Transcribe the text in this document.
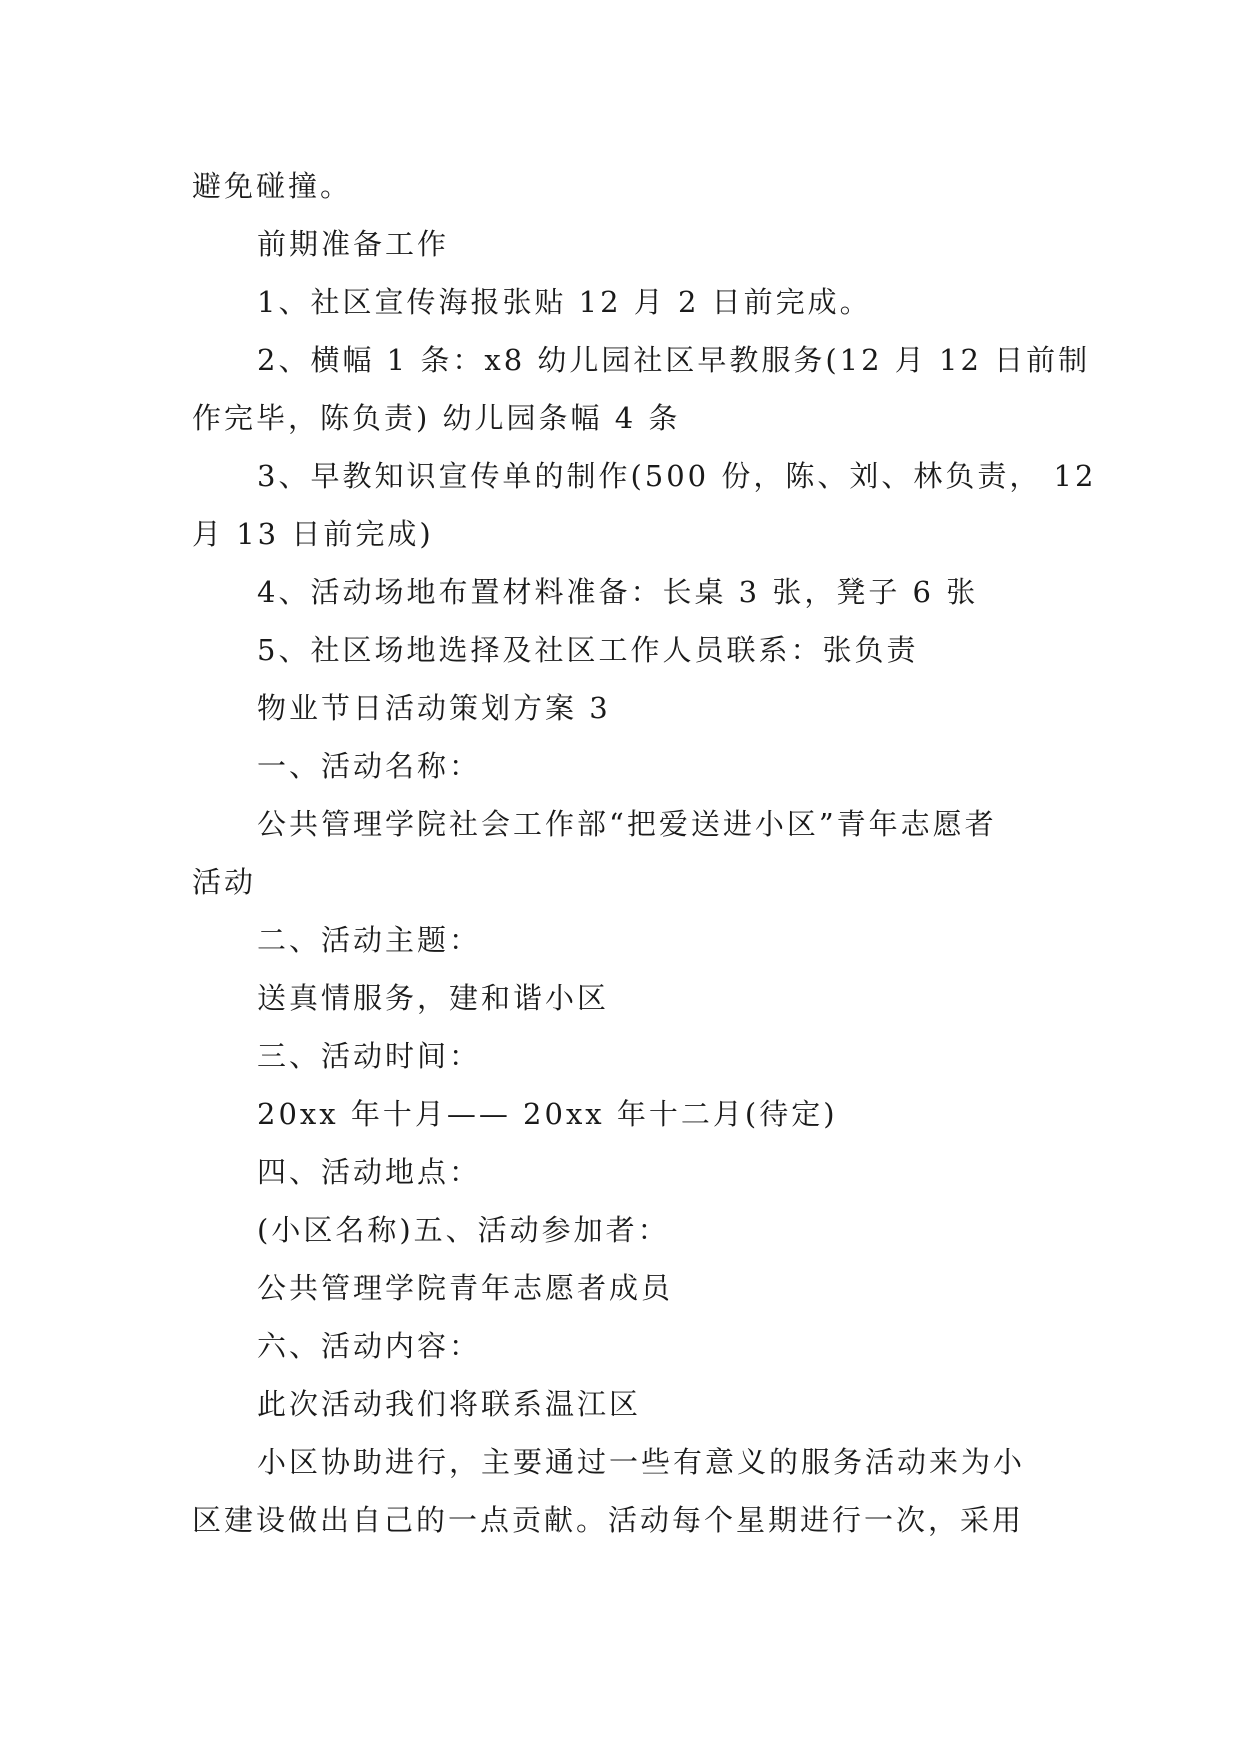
避免碰撞。
前期准备工作
1、社区宣传海报张贴 12 月 2 日前完成。
2、横幅 1 条：x8 幼儿园社区早教服务(12 月 12 日前制
作完毕，陈负责) 幼儿园条幅 4 条
3、早教知识宣传单的制作(500 份，陈、刘、林负责， 12
月 13 日前完成)
4、活动场地布置材料准备：长桌 3 张，凳子 6 张
5、社区场地选择及社区工作人员联系：张负责
物业节日活动策划方案 3
一、活动名称：
公共管理学院社会工作部“把爱送进小区”青年志愿者
活动
二、活动主题：
送真情服务，建和谐小区
三、活动时间：
20xx 年十月—— 20xx 年十二月(待定)
四、活动地点：
(小区名称)五、活动参加者：
公共管理学院青年志愿者成员
六、活动内容：
此次活动我们将联系温江区
小区协助进行，主要通过一些有意义的服务活动来为小
区建设做出自己的一点贡献。活动每个星期进行一次，采用
